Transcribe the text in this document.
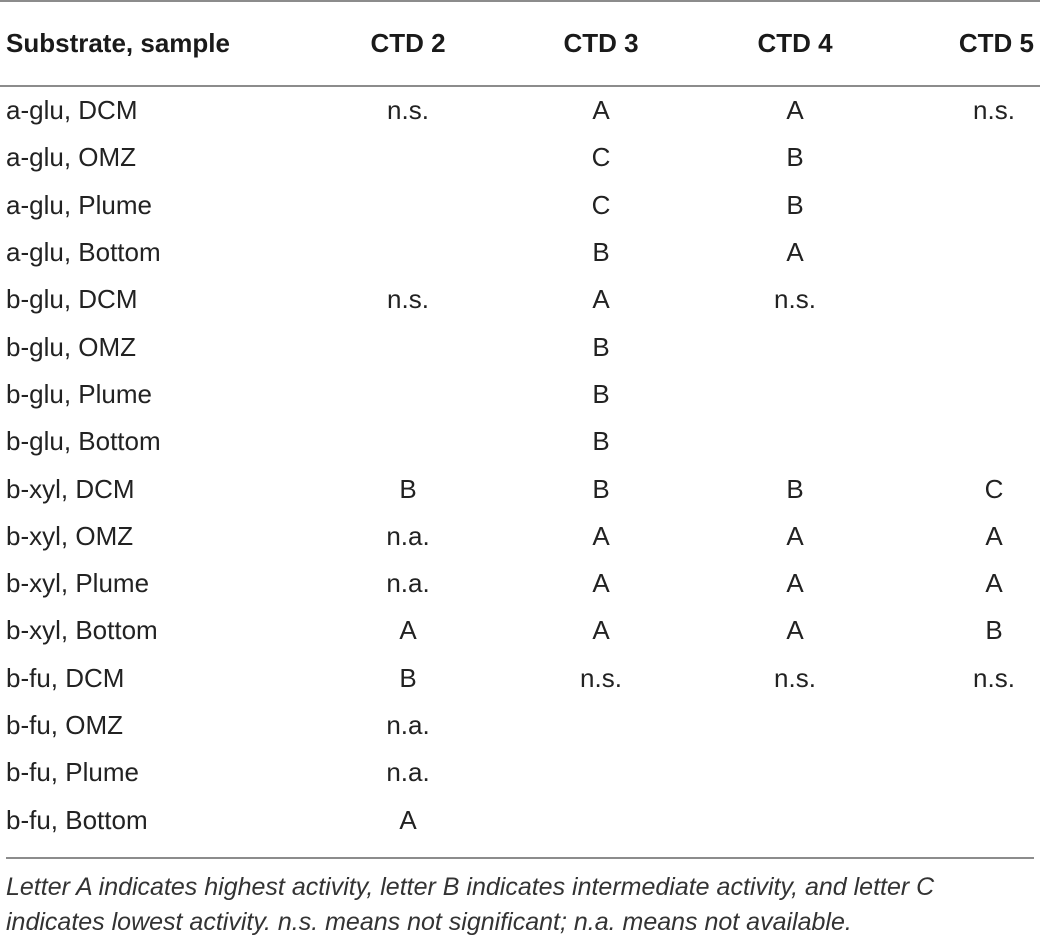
Substrate, sample	CTD 2	CTD 3	CTD 4	CTD 5
a-glu, DCM	n.s.	A	A	n.s.
a-glu, OMZ		C	B	
a-glu, Plume		C	B	
a-glu, Bottom		B	A	
b-glu, DCM	n.s.	A	n.s.	
b-glu, OMZ		B		
b-glu, Plume		B		
b-glu, Bottom		B		
b-xyl, DCM	B	B	B	C
b-xyl, OMZ	n.a.	A	A	A
b-xyl, Plume	n.a.	A	A	A
b-xyl, Bottom	A	A	A	B
b-fu, DCM	B	n.s.	n.s.	n.s.
b-fu, OMZ	n.a.			
b-fu, Plume	n.a.			
b-fu, Bottom	A			
Letter A indicates highest activity, letter B indicates intermediate activity, and letter C indicates lowest activity. n.s. means not significant; n.a. means not available.
